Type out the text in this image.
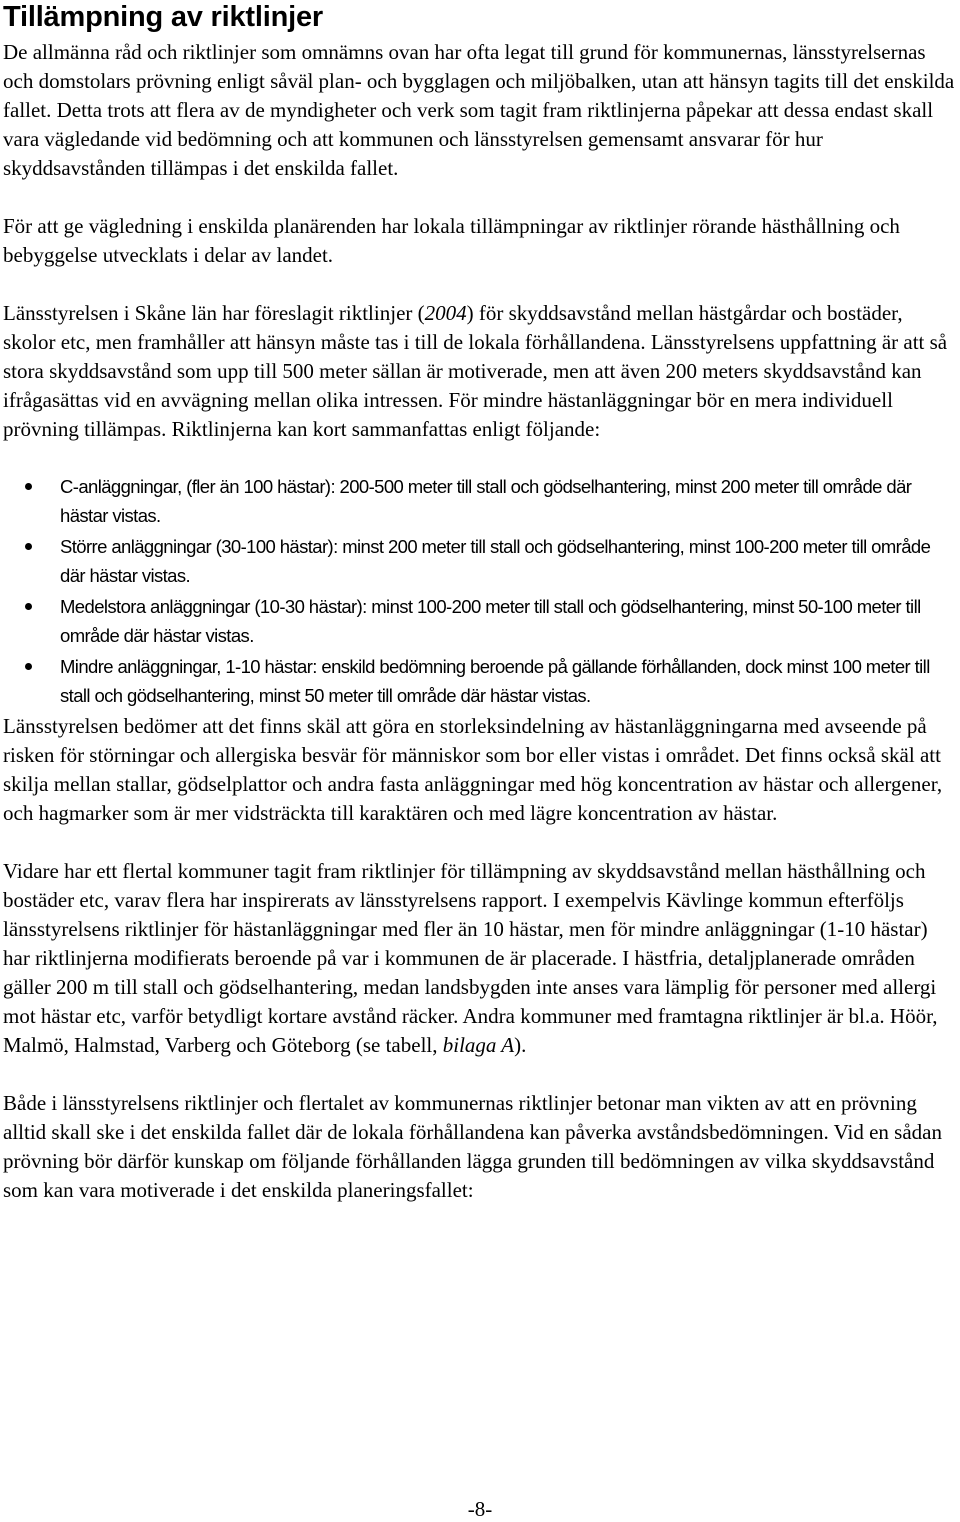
Tillämpning av riktlinjer

De allmänna råd och riktlinjer som omnämns ovan har ofta legat till grund för kommunernas, länsstyrelsernas och domstolars prövning enligt såväl plan- och bygglagen och miljöbalken, utan att hänsyn tagits till det enskilda fallet. Detta trots att flera av de myndigheter och verk som tagit fram riktlinjerna påpekar att dessa endast skall vara vägledande vid bedömning och att kommunen och länsstyrelsen gemensamt ansvarar för hur skyddsavstånden tillämpas i det enskilda fallet.

För att ge vägledning i enskilda planärenden har lokala tillämpningar av riktlinjer rörande hästhållning och bebyggelse utvecklats i delar av landet.

Länsstyrelsen i Skåne län har föreslagit riktlinjer (2004) för skyddsavstånd mellan hästgårdar och bostäder, skolor etc, men framhåller att hänsyn måste tas i till de lokala förhållandena. Länsstyrelsens uppfattning är att så stora skyddsavstånd som upp till 500 meter sällan är motiverade, men att även 200 meters skyddsavstånd kan ifrågasättas vid en avvägning mellan olika intressen. För mindre hästanläggningar bör en mera individuell prövning tillämpas. Riktlinjerna kan kort sammanfattas enligt följande:

C-anläggningar, (fler än 100 hästar): 200-500 meter till stall och gödselhantering, minst 200 meter till område där hästar vistas.
Större anläggningar (30-100 hästar): minst 200 meter till stall och gödselhantering, minst 100-200 meter till område där hästar vistas.
Medelstora anläggningar (10-30 hästar): minst 100-200 meter till stall och gödselhantering, minst 50-100 meter till område där hästar vistas.
Mindre anläggningar, 1-10 hästar: enskild bedömning beroende på gällande förhållanden, dock minst 100 meter till stall och gödselhantering, minst 50 meter till område där hästar vistas.

Länsstyrelsen bedömer att det finns skäl att göra en storleksindelning av hästanläggningarna med avseende på risken för störningar och allergiska besvär för människor som bor eller vistas i området. Det finns också skäl att skilja mellan stallar, gödselplattor och andra fasta anläggningar med hög koncentration av hästar och allergener, och hagmarker som är mer vidsträckta till karaktären och med lägre koncentration av hästar.

Vidare har ett flertal kommuner tagit fram riktlinjer för tillämpning av skyddsavstånd mellan hästhållning och bostäder etc, varav flera har inspirerats av länsstyrelsens rapport. I exempelvis Kävlinge kommun efterföljs länsstyrelsens riktlinjer för hästanläggningar med fler än 10 hästar, men för mindre anläggningar (1-10 hästar) har riktlinjerna modifierats beroende på var i kommunen de är placerade. I hästfria, detaljplanerade områden gäller 200 m till stall och gödselhantering, medan landsbygden inte anses vara lämplig för personer med allergi mot hästar etc, varför betydligt kortare avstånd räcker. Andra kommuner med framtagna riktlinjer är bl.a. Höör, Malmö, Halmstad, Varberg och Göteborg (se tabell, bilaga A).

Både i länsstyrelsens riktlinjer och flertalet av kommunernas riktlinjer betonar man vikten av att en prövning alltid skall ske i det enskilda fallet där de lokala förhållandena kan påverka avståndsbedömningen. Vid en sådan prövning bör därför kunskap om följande förhållanden lägga grunden till bedömningen av vilka skyddsavstånd som kan vara motiverade i det enskilda planeringsfallet:

-8-
